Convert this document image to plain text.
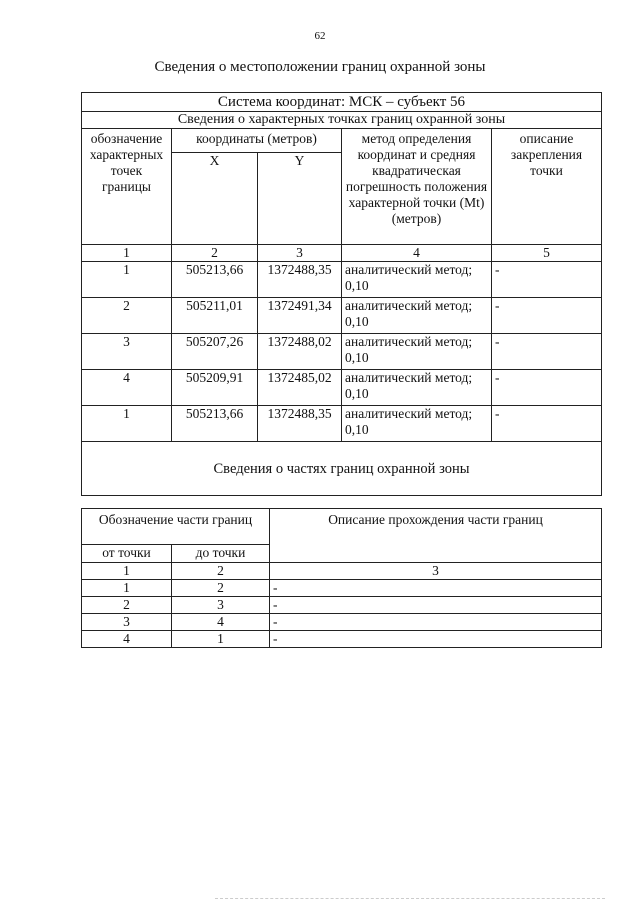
62
Сведения о местоположении границ охранной зоны
Система координат: МСК – субъект 56				
Сведения о характерных точках границ охранной зоны				
обозначение характерных точек границы	координаты (метров)		метод определения координат и средняя квадратическая погрешность положения характерной точки (Mt) (метров)	описание закрепления точки
	X	Y		
1	2	3	4	5
1	505213,66	1372488,35	аналитический метод; 0,10	-
2	505211,01	1372491,34	аналитический метод; 0,10	-
3	505207,26	1372488,02	аналитический метод; 0,10	-
4	505209,91	1372485,02	аналитический метод; 0,10	-
1	505213,66	1372488,35	аналитический метод; 0,10	-
Сведения о частях границ охранной зоны				
Обозначение части границ		Описание прохождения части границ
от точки	до точки	
1	2	3
1	2	-
2	3	-
3	4	-
4	1	-
